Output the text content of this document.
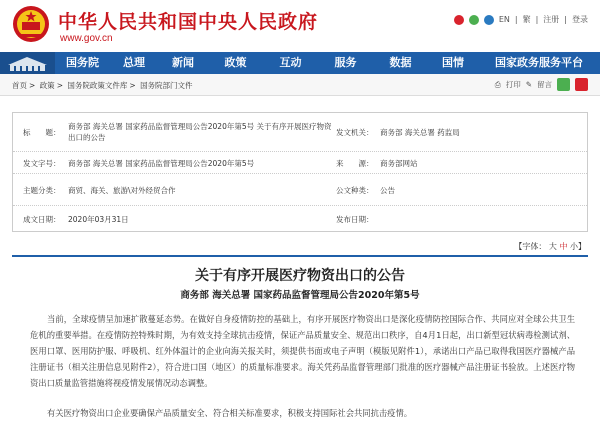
中华人民共和国中央人民政府
www.gov.cn
EN | 繁 | 注册 | 登录
国务院	总理	新闻	政策	互动	服务	数据	国情	国家政务服务平台
首页 > 政策 > 国务院政策文件库 > 国务院部门文件	⎙ 打印 ✎ 留言
标　　题：
商务部 海关总署 国家药品监督管理局公告2020年第5号 关于有序开展医疗物资出口的公告
发文机关： 商务部 海关总署 药监局
发文字号： 商务部 海关总署 国家药品监督管理局公告2020年第5号	来　　源： 商务部网站
主题分类： 商贸、海关、旅游\对外经贸合作	公文种类： 公告
成文日期： 2020年03月31日	发布日期：
【字体： 大 中 小】
关于有序开展医疗物资出口的公告
商务部 海关总署 国家药品监督管理局公告2020年第5号
当前，全球疫情呈加速扩散蔓延态势。在做好自身疫情防控的基础上，有序开展医疗物资出口是深化疫情防控国际合作、共同应对全球公共卫生危机的重要举措。在疫情防控特殊时期，为有效支持全球抗击疫情，保证产品质量安全、规范出口秩序，自4月1日起，出口新型冠状病毒检测试剂、医用口罩、医用防护服、呼吸机、红外体温计的企业向海关报关时，须提供书面或电子声明（模版见附件1），承诺出口产品已取得我国医疗器械产品注册证书（相关注册信息见附件2），符合进口国（地区）的质量标准要求。海关凭药品监督管理部门批准的医疗器械产品注册证书验放。上述医疗物资出口质量监管措施将视疫情发展情况动态调整。
有关医疗物资出口企业要确保产品质量安全、符合相关标准要求，积极支持国际社会共同抗击疫情。
